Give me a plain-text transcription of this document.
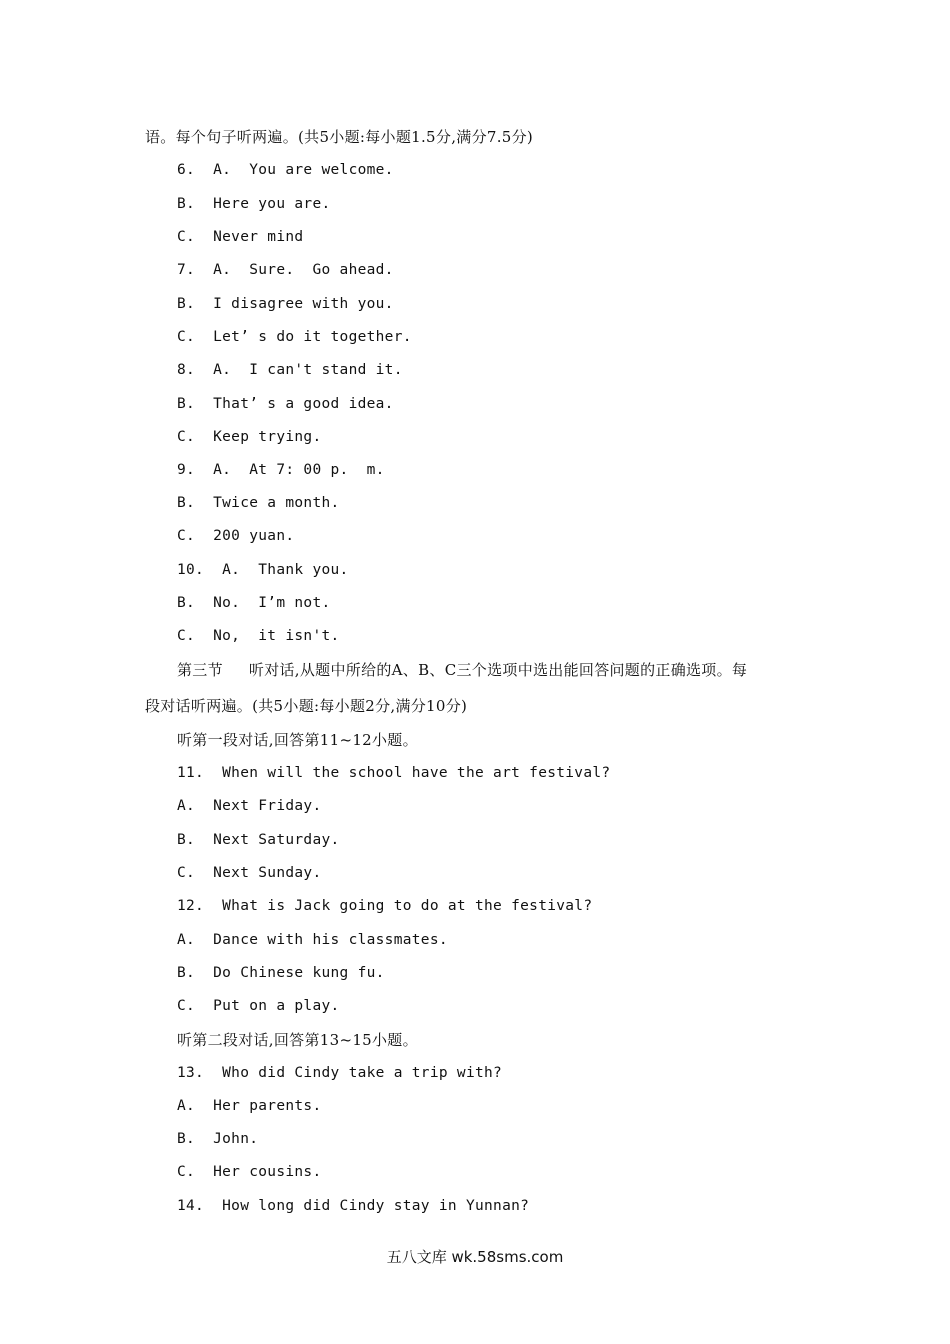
语。每个句子听两遍。(共5小题:每小题1.5分,满分7.5分)
6.  A.  You are welcome.
B.  Here you are.
C.  Never mind
7.  A.  Sure.  Go ahead.
B.  I disagree with you.
C.  Let’ s do it together.
8.  A.  I can't stand it.
B.  That’ s a good idea.
C.  Keep trying.
9.  A.  At 7: 00 p.  m.
B.  Twice a month.
C.  200 yuan.
10.  A.  Thank you.
B.  No.  I’m not.
C.  No,  it isn't.
第三节 听对话,从题中所给的A、B、C三个选项中选出能回答问题的正确选项。每
段对话听两遍。(共5小题:每小题2分,满分10分)
听第一段对话,回答第11~12小题。
11.  When will the school have the art festival?
A.  Next Friday.
B.  Next Saturday.
C.  Next Sunday.
12.  What is Jack going to do at the festival?
A.  Dance with his classmates.
B.  Do Chinese kung fu.
C.  Put on a play.
听第二段对话,回答第13~15小题。
13.  Who did Cindy take a trip with?
A.  Her parents.
B.  John.
C.  Her cousins.
14.  How long did Cindy stay in Yunnan?
五八文库 wk.58sms.com
